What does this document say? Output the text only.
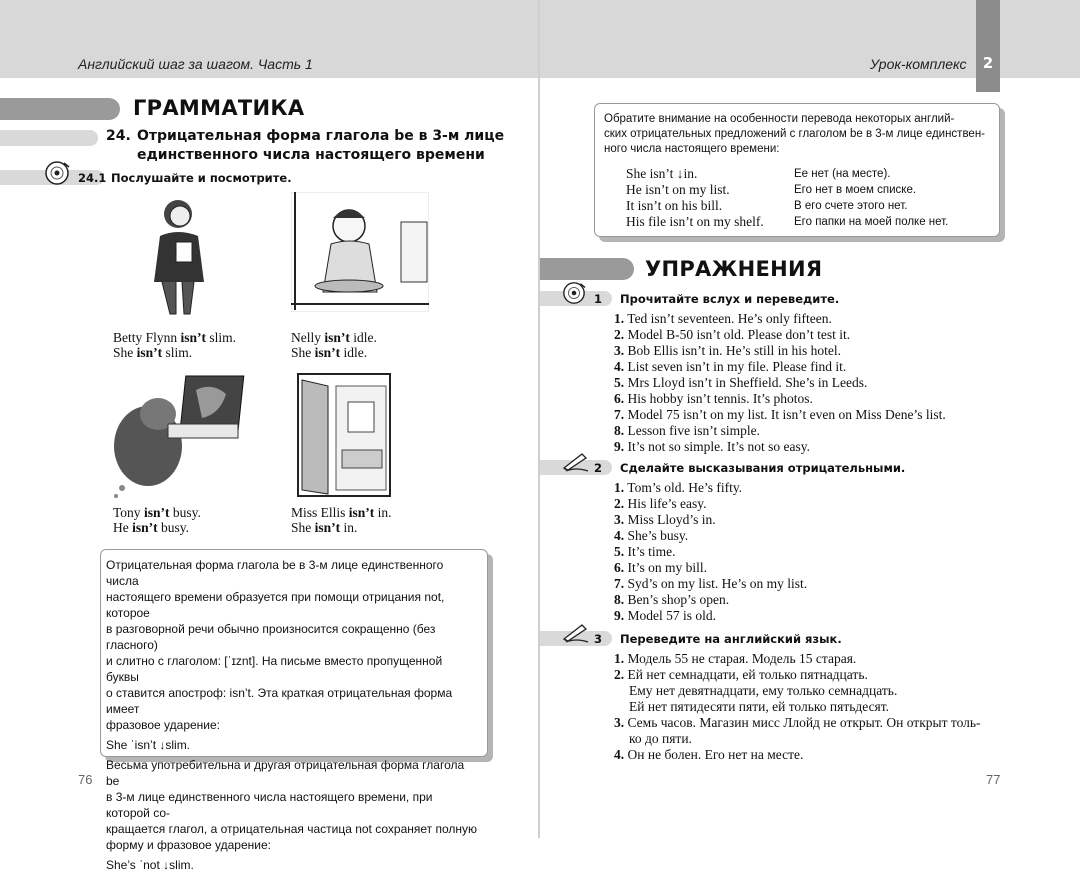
Английский шаг за шагом. Часть 1	Урок-комплекс	2
ГРАММАТИКА
24. Отрицательная форма глагола be в 3-м лице
единственного числа настоящего времени
24.1 Послушайте и посмотрите.
Betty Flynn isn’t slim.
She isn’t slim.
Nelly isn’t idle.
She isn’t idle.
Tony isn’t busy.
He isn’t busy.
Miss Ellis isn’t in.
She isn’t in.
Отрицательная форма глагола be в 3-м лице единственного числа
настоящего времени образуется при помощи отрицания not, которое
в разговорной речи обычно произносится сокращенно (без гласного)
и слитно с глаголом: [ˈɪznt]. На письме вместо пропущенной буквы
o ставится апостроф: isn’t. Эта краткая отрицательная форма имеет
фразовое ударение:
She ˈisn’t ↓slim.
Весьма употребительна и другая отрицательная форма глагола be
в 3-м лице единственного числа настоящего времени, при которой со-
кращается глагол, а отрицательная частица not сохраняет полную
форму и фразовое ударение:
She’s ˈnot ↓slim.
76
Обратите внимание на особенности перевода некоторых англий-
ских отрицательных предложений с глаголом be в 3-м лице единствен-
ного числа настоящего времени:
She isn’t ↓in.	Ее нет (на месте).
He isn’t on my list.	Его нет в моем списке.
It isn’t on his bill.	В его счете этого нет.
His file isn’t on my shelf.	Его папки на моей полке нет.
УПРАЖНЕНИЯ
1 Прочитайте вслух и переведите.
1. Ted isn’t seventeen. He’s only fifteen.
2. Model B-50 isn’t old. Please don’t test it.
3. Bob Ellis isn’t in. He’s still in his hotel.
4. List seven isn’t in my file. Please find it.
5. Mrs Lloyd isn’t in Sheffield. She’s in Leeds.
6. His hobby isn’t tennis. It’s photos.
7. Model 75 isn’t on my list. It isn’t even on Miss Dene’s list.
8. Lesson five isn’t simple.
9. It’s not so simple. It’s not so easy.
2 Сделайте высказывания отрицательными.
1. Tom’s old. He’s fifty.
2. His life’s easy.
3. Miss Lloyd’s in.
4. She’s busy.
5. It’s time.
6. It’s on my bill.
7. Syd’s on my list. He’s on my list.
8. Ben’s shop’s open.
9. Model 57 is old.
3 Переведите на английский язык.
1. Модель 55 не старая. Модель 15 старая.
2. Ей нет семнадцати, ей только пятнадцать.
Ему нет девятнадцати, ему только семнадцать.
Ей нет пятидесяти пяти, ей только пятьдесят.
3. Семь часов. Магазин мисс Ллойд не открыт. Он открыт толь-
ко до пяти.
4. Он не болен. Его нет на месте.
77
